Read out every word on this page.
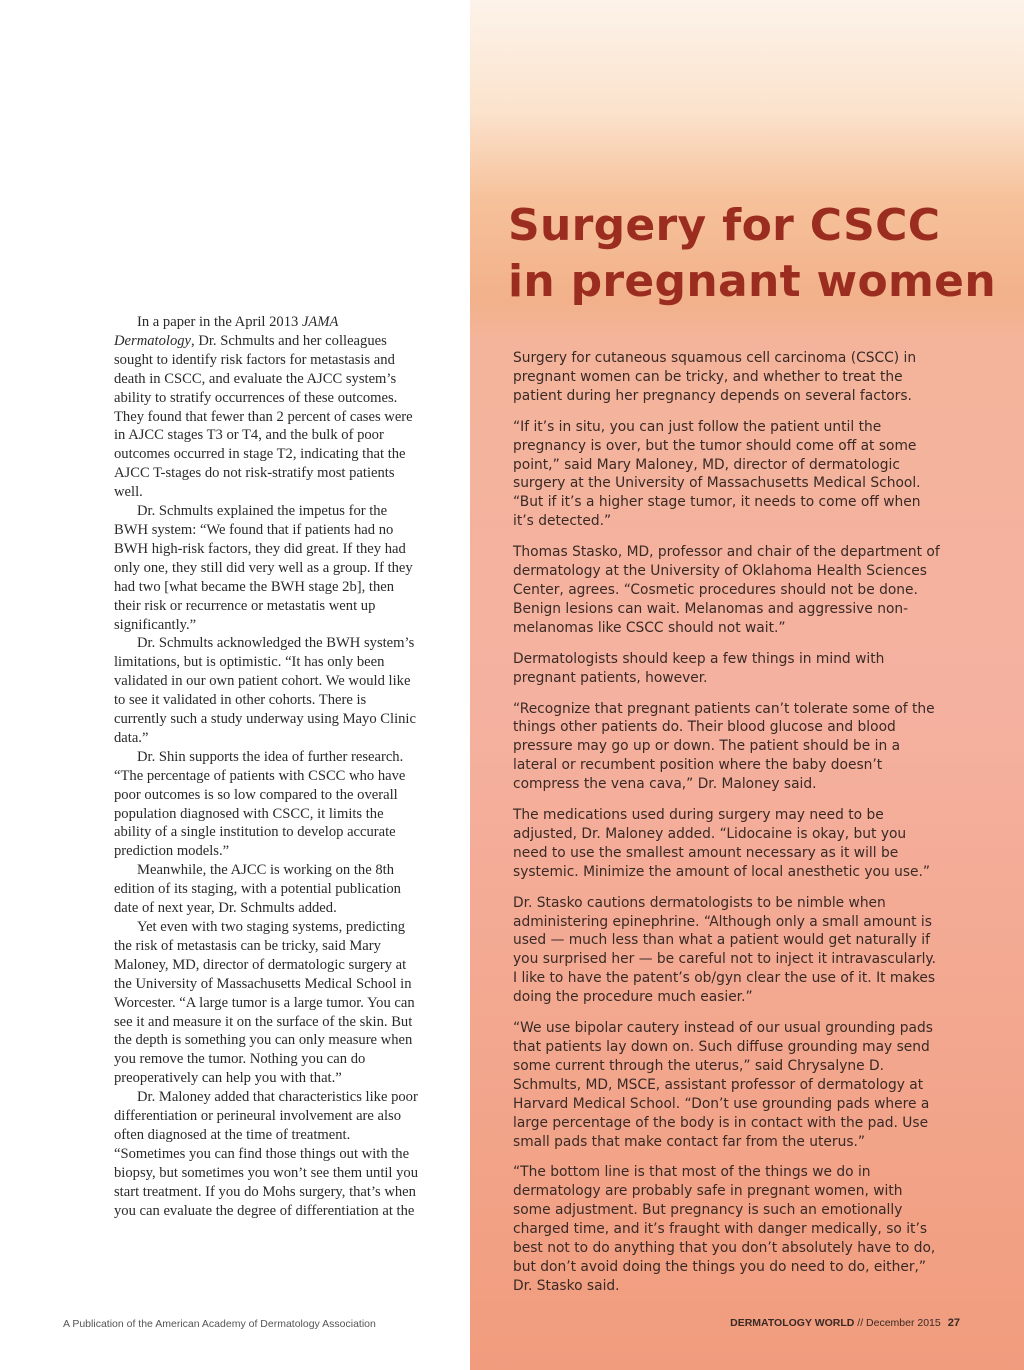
In a paper in the April 2013 JAMA Dermatology, Dr. Schmults and her colleagues sought to identify risk factors for metastasis and death in CSCC, and evaluate the AJCC system’s ability to stratify occurrences of these outcomes. They found that fewer than 2 percent of cases were in AJCC stages T3 or T4, and the bulk of poor outcomes occurred in stage T2, indicating that the AJCC T-stages do not risk-stratify most patients well.

Dr. Schmults explained the impetus for the BWH system: “We found that if patients had no BWH high-risk factors, they did great. If they had only one, they still did very well as a group. If they had two [what became the BWH stage 2b], then their risk or recurrence or metastatis went up significantly.”

Dr. Schmults acknowledged the BWH system’s limitations, but is optimistic. “It has only been validated in our own patient cohort. We would like to see it validated in other cohorts. There is currently such a study underway using Mayo Clinic data.”

Dr. Shin supports the idea of further research. “The percentage of patients with CSCC who have poor outcomes is so low compared to the overall population diagnosed with CSCC, it limits the ability of a single institution to develop accurate prediction models.”

Meanwhile, the AJCC is working on the 8th edition of its staging, with a potential publication date of next year, Dr. Schmults added.

Yet even with two staging systems, predicting the risk of metastasis can be tricky, said Mary Maloney, MD, director of dermatologic surgery at the University of Massachusetts Medical School in Worcester. “A large tumor is a large tumor. You can see it and measure it on the surface of the skin. But the depth is something you can only measure when you remove the tumor. Nothing you can do preoperatively can help you with that.”

Dr. Maloney added that characteristics like poor differentiation or perineural involvement are also often diagnosed at the time of treatment. “Sometimes you can find those things out with the biopsy, but sometimes you won’t see them until you start treatment. If you do Mohs surgery, that’s when you can evaluate the degree of differentiation at the

A Publication of the American Academy of Dermatology Association
Surgery for CSCC
in pregnant women

Surgery for cutaneous squamous cell carcinoma (CSCC) in pregnant women can be tricky, and whether to treat the patient during her pregnancy depends on several factors.

“If it’s in situ, you can just follow the patient until the pregnancy is over, but the tumor should come off at some point,” said Mary Maloney, MD, director of dermatologic surgery at the University of Massachusetts Medical School. “But if it’s a higher stage tumor, it needs to come off when it’s detected.”

Thomas Stasko, MD, professor and chair of the department of dermatology at the University of Oklahoma Health Sciences Center, agrees. “Cosmetic procedures should not be done. Benign lesions can wait. Melanomas and aggressive non-melanomas like CSCC should not wait.”

Dermatologists should keep a few things in mind with pregnant patients, however.

“Recognize that pregnant patients can’t tolerate some of the things other patients do. Their blood glucose and blood pressure may go up or down. The patient should be in a lateral or recumbent position where the baby doesn’t compress the vena cava,” Dr. Maloney said.

The medications used during surgery may need to be adjusted, Dr. Maloney added. “Lidocaine is okay, but you need to use the smallest amount necessary as it will be systemic. Minimize the amount of local anesthetic you use.”

Dr. Stasko cautions dermatologists to be nimble when administering epinephrine. “Although only a small amount is used — much less than what a patient would get naturally if you surprised her — be careful not to inject it intravascularly. I like to have the patent’s ob/gyn clear the use of it. It makes doing the procedure much easier.”

“We use bipolar cautery instead of our usual grounding pads that patients lay down on. Such diffuse grounding may send some current through the uterus,” said Chrysalyne D. Schmults, MD, MSCE, assistant professor of dermatology at Harvard Medical School. “Don’t use grounding pads where a large percentage of the body is in contact with the pad. Use small pads that make contact far from the uterus.”

“The bottom line is that most of the things we do in dermatology are probably safe in pregnant women, with some adjustment. But pregnancy is such an emotionally charged time, and it’s fraught with danger medically, so it’s best not to do anything that you don’t absolutely have to do, but don’t avoid doing the things you do need to do, either,” Dr. Stasko said.

DERMATOLOGY WORLD // December 2015 27
